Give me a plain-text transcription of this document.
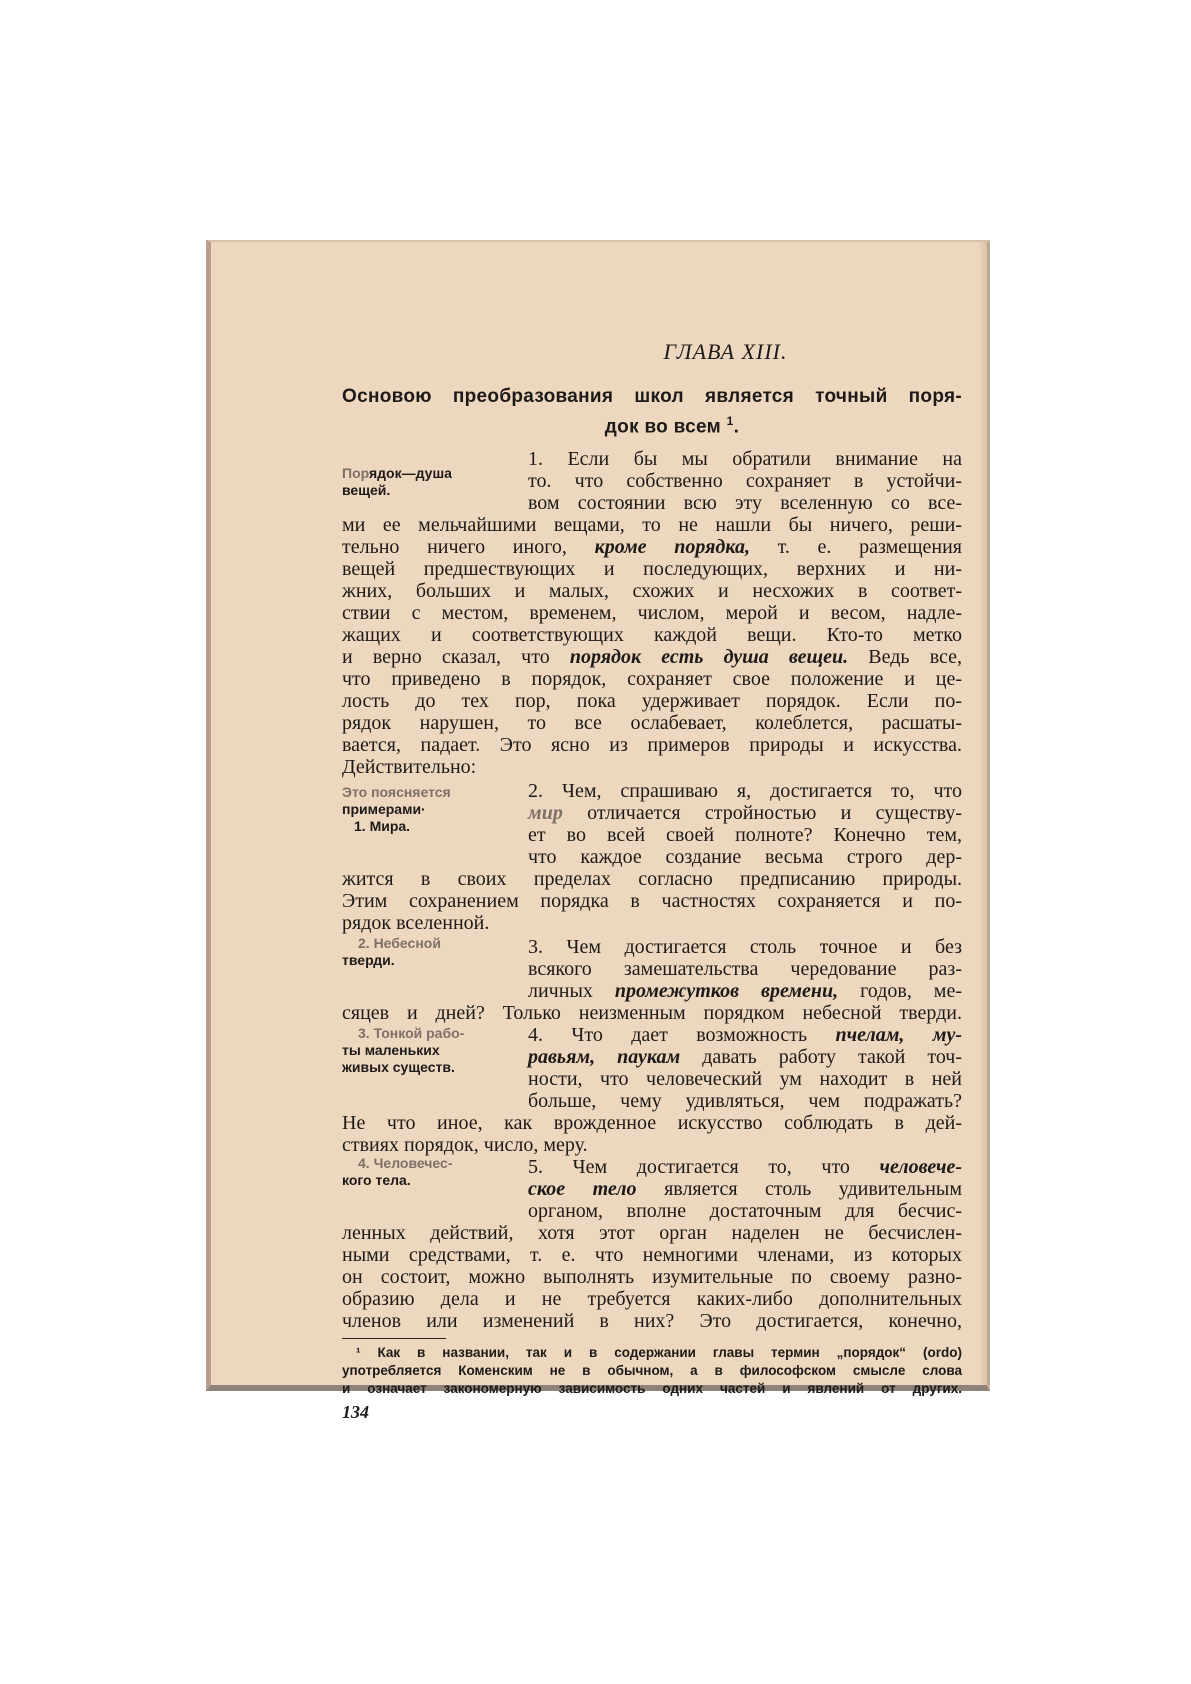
ГЛАВА XIII.
Основою преобразования школ является точный поря-
док во всем $^1$.
Порядок—душа
вещей.
Это поясняется
примерами·
1. Мира.
2. Небесной
тверди.
3. Тонкой рабо-
ты маленьких
живых существ.
4. Человечес-
кого тела.
1. Если бы мы обратили внимание на
то. что собственно сохраняет в устойчи-
вом состоянии всю эту вселенную со все-
ми ее мельчайшими вещами, то не нашли бы ничего, реши-
тельно ничего иного, кроме порядка, т. е. размещения
вещей предшествующих и последующих, верхних и ни-
жних, больших и малых, схожих и несхожих в соответ-
ствии с местом, временем, числом, мерой и весом, надле-
жащих и соответствующих каждой вещи. Кто-то метко
и верно сказал, что порядок есть душа вещеи. Ведь все,
что приведено в порядок, сохраняет свое положение и це-
лость до тех пор, пока удерживает порядок. Если по-
рядок нарушен, то все ослабевает, колеблется, расшаты-
вается, падает. Это ясно из примеров природы и искусства.
Действительно:
2. Чем, спрашиваю я, достигается то, что
мир отличается стройностью и существу-
ет во всей своей полноте? Конечно тем,
что каждое создание весьма строго дер-
жится в своих пределах согласно предписанию природы.
Этим сохранением порядка в частностях сохраняется и по-
рядок вселенной.
3. Чем достигается столь точное и без
всякого замешательства чередование раз-
личных промежутков времени, годов, ме-
сяцев и дней? Только неизменным порядком небесной тверди.
4. Что дает возможность пчелам, му-
равьям, паукам давать работу такой точ-
ности, что человеческий ум находит в ней
больше, чему удивляться, чем подражать?
Не что иное, как врожденное искусство соблюдать в дей-
ствиях порядок, число, меру.
5. Чем достигается то, что человече-
ское тело является столь удивительным
органом, вполне достаточным для бесчис-
ленных действий, хотя этот орган наделен не бесчислен-
ными средствами, т. е. что немногими членами, из которых
он состоит, можно выполнять изумительные по своему разно-
образию дела и не требуется каких-либо дополнительных
членов или изменений в них? Это достигается, конечно,
¹ Как в названии, так и в содержании главы термин „порядок“ (ordo)
употребляется Коменским не в обычном, а в философском смысле слова
и означает закономерную зависимость одних частей и явлений от других.
134
